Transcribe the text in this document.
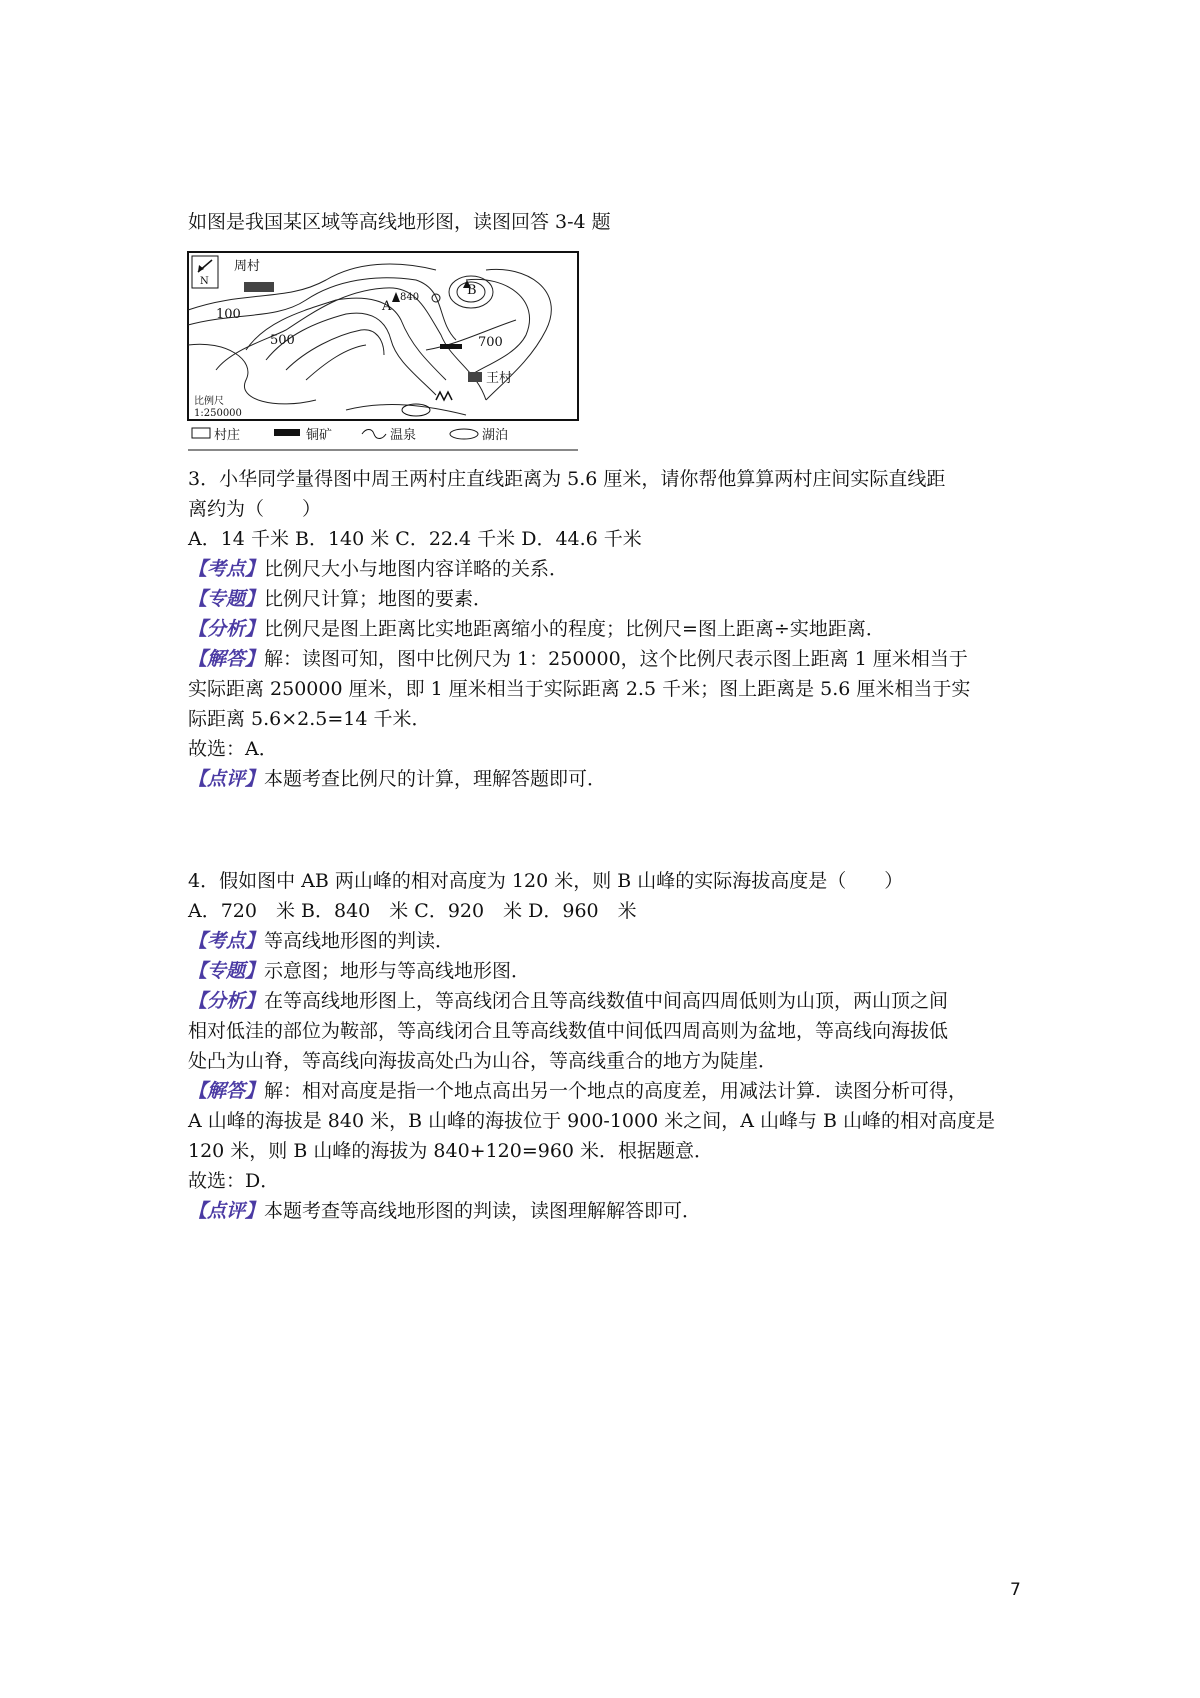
如图是我国某区域等高线地形图，读图回答 3-4 题
N
周村
100
500
A
840	B
700
王村
比例尺
1:250000
村庄	铜矿	温泉	湖泊
3．小华同学量得图中周王两村庄直线距离为 5.6 厘米，请你帮他算算两村庄间实际直线距
离约为（　　）
A．14 千米 B．140 米 C．22.4 千米 D．44.6 千米
【考点】比例尺大小与地图内容详略的关系．
【专题】比例尺计算；地图的要素．
【分析】比例尺是图上距离比实地距离缩小的程度；比例尺=图上距离÷实地距离．
【解答】解：读图可知，图中比例尺为 1：250000，这个比例尺表示图上距离 1 厘米相当于
实际距离 250000 厘米，即 1 厘米相当于实际距离 2.5 千米；图上距离是 5.6 厘米相当于实
际距离 5.6×2.5=14 千米．
故选：A．
【点评】本题考查比例尺的计算，理解答题即可．
4．假如图中 AB 两山峰的相对高度为 120 米，则 B 山峰的实际海拔高度是（　　）
A．720　米 B．840　米 C．920　米 D．960　米
【考点】等高线地形图的判读．
【专题】示意图；地形与等高线地形图．
【分析】在等高线地形图上，等高线闭合且等高线数值中间高四周低则为山顶，两山顶之间
相对低洼的部位为鞍部，等高线闭合且等高线数值中间低四周高则为盆地，等高线向海拔低
处凸为山脊，等高线向海拔高处凸为山谷，等高线重合的地方为陡崖．
【解答】解：相对高度是指一个地点高出另一个地点的高度差，用减法计算．读图分析可得，
A 山峰的海拔是 840 米，B 山峰的海拔位于 900-1000 米之间，A 山峰与 B 山峰的相对高度是
120 米，则 B 山峰的海拔为 840+120=960 米．根据题意．
故选：D．
【点评】本题考查等高线地形图的判读，读图理解解答即可．
7
